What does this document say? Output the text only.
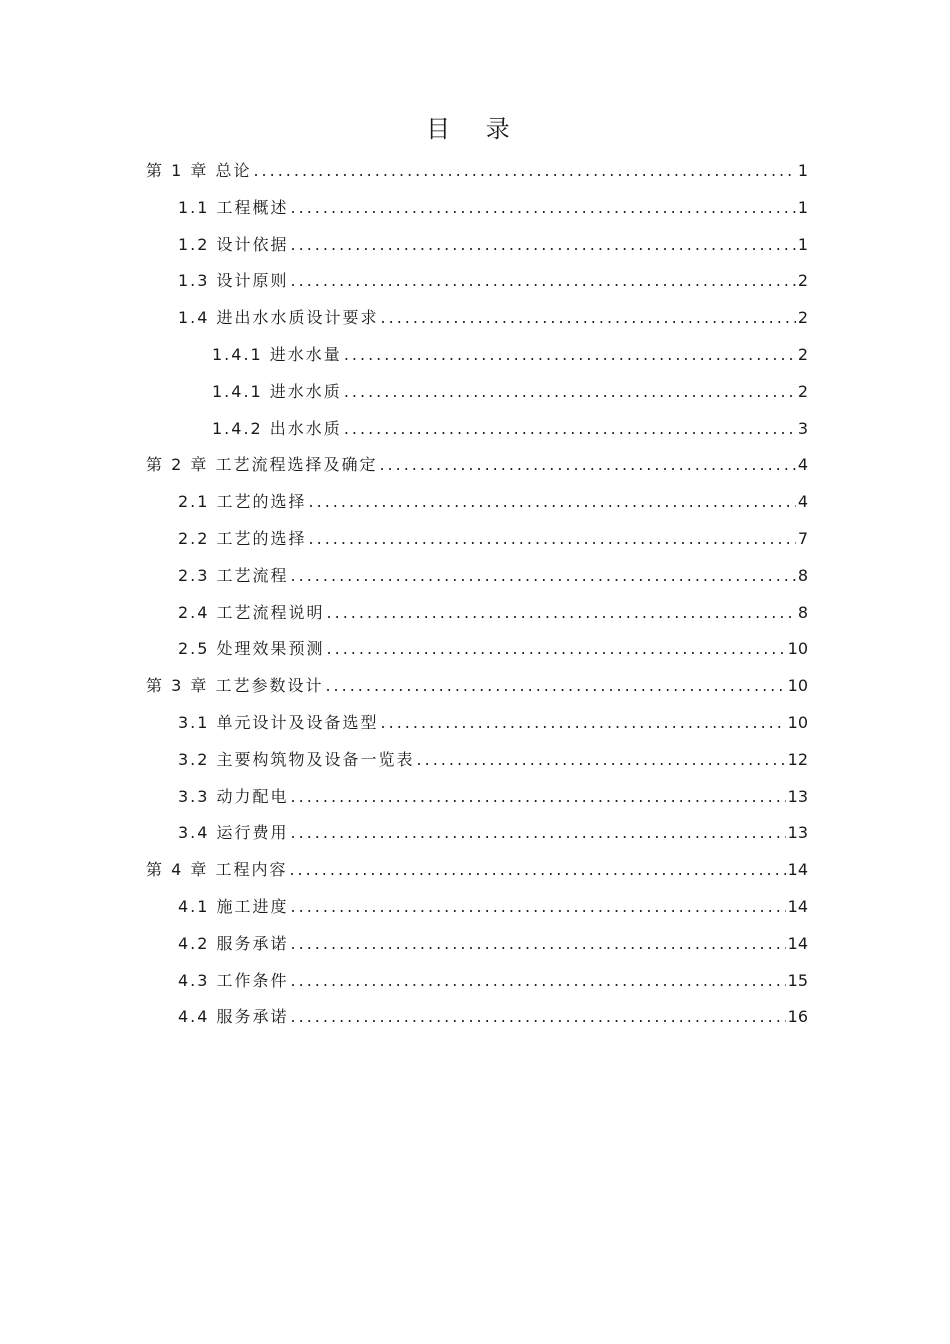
目 录
第 1 章 总论 .....	1
1.1 工程概述 .....	1
1.2 设计依据 .....	1
1.3 设计原则 .....	2
1.4 进出水水质设计要求 .....	2
1.4.1 进水水量 .....	2
1.4.1 进水水质 .....	2
1.4.2 出水水质 .....	3
第 2 章 工艺流程选择及确定 .....	4
2.1 工艺的选择 .....	4
2.2 工艺的选择 .....	7
2.3 工艺流程 .....	8
2.4 工艺流程说明 .....	8
2.5 处理效果预测 .....	10
第 3 章 工艺参数设计 .....	10
3.1 单元设计及设备选型 .....	10
3.2 主要构筑物及设备一览表 .....	12
3.3 动力配电 .....	13
3.4 运行费用 .....	13
第 4 章 工程内容 .....	14
4.1 施工进度 .....	14
4.2 服务承诺 .....	14
4.3 工作条件 .....	15
4.4 服务承诺 .....	16
